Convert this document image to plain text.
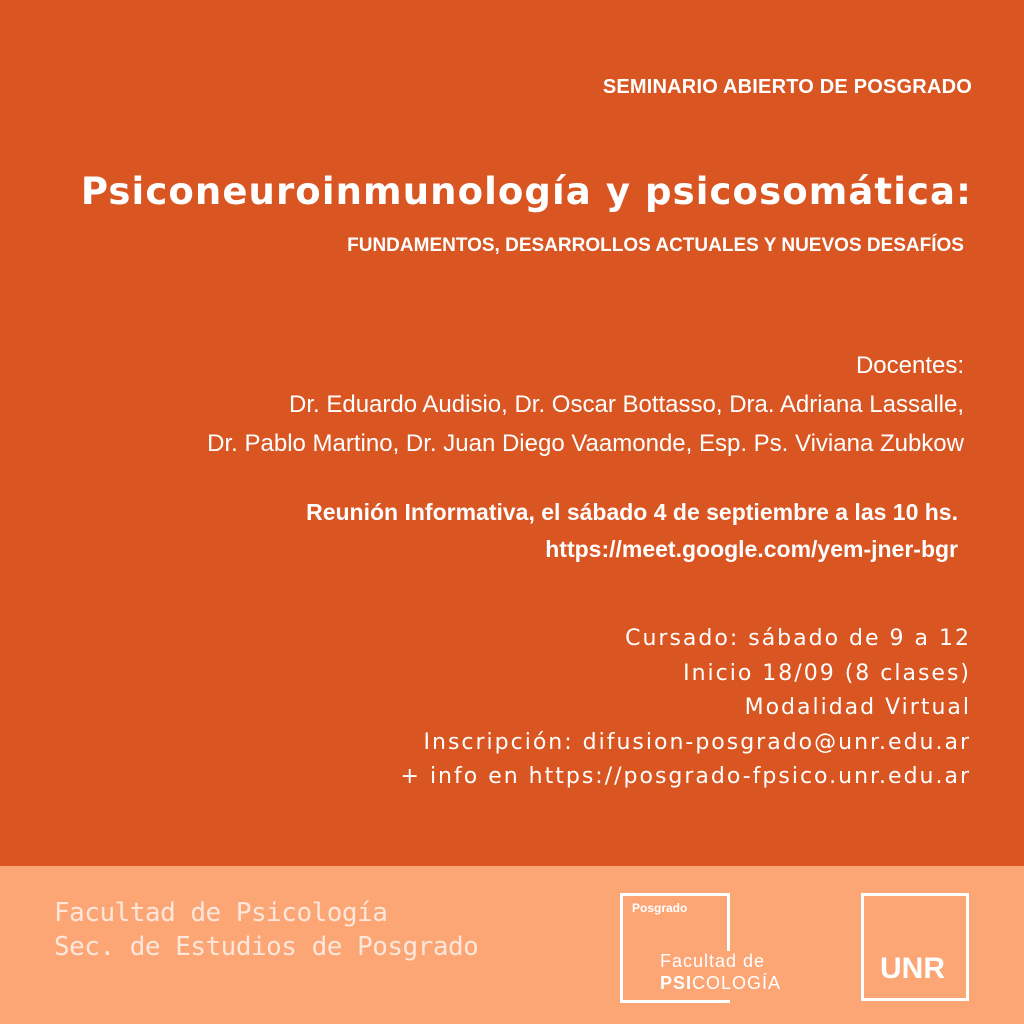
SEMINARIO ABIERTO DE POSGRADO
Psiconeuroinmunología y psicosomática:
FUNDAMENTOS, DESARROLLOS ACTUALES Y NUEVOS DESAFÍOS
Docentes:
Dr. Eduardo Audisio, Dr. Oscar Bottasso, Dra. Adriana Lassalle,
Dr. Pablo Martino, Dr. Juan Diego Vaamonde, Esp. Ps. Viviana Zubkow
Reunión Informativa, el sábado 4 de septiembre a las 10 hs.
https://meet.google.com/yem-jner-bgr
Cursado: sábado de 9 a 12
Inicio 18/09 (8 clases)
Modalidad Virtual
Inscripción: difusion-posgrado@unr.edu.ar
+ info en https://posgrado-fpsico.unr.edu.ar
Facultad de Psicología
Sec. de Estudios de Posgrado
Posgrado
Facultad de
PSICOLOGÍA	UNR
